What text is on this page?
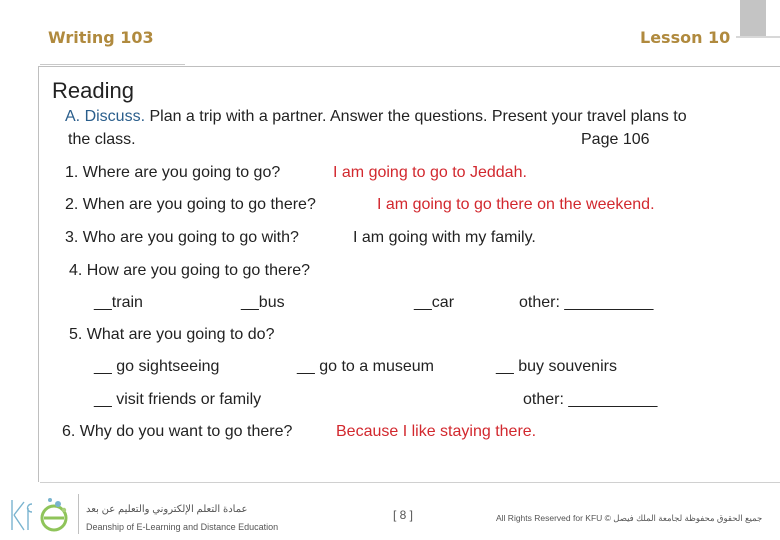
Writing 103	Lesson 10
Reading
A. Discuss. Plan a trip with a partner. Answer the questions. Present your travel plans to
the class.	Page 106
1. Where are you going to go?	I am going to go to Jeddah.
2. When are you going to go there?	I am going to go there on the weekend.
3. Who are you going to go with?	I am going with my family.
4. How are you going to go there?
__train	__bus	__car	other: __________
5. What are you going to do?
__ go sightseeing	__ go to a museum	__ buy souvenirs
__ visit friends or family	other: __________
6. Why do you want to go there?	Because I like staying there.
عمادة التعلم الإلكتروني والتعليم عن بعد
Deanship of E-Learning and Distance Education
[ 8 ]	All Rights Reserved for KFU © جميع الحقوق محفوظة لجامعة الملك فيصل
